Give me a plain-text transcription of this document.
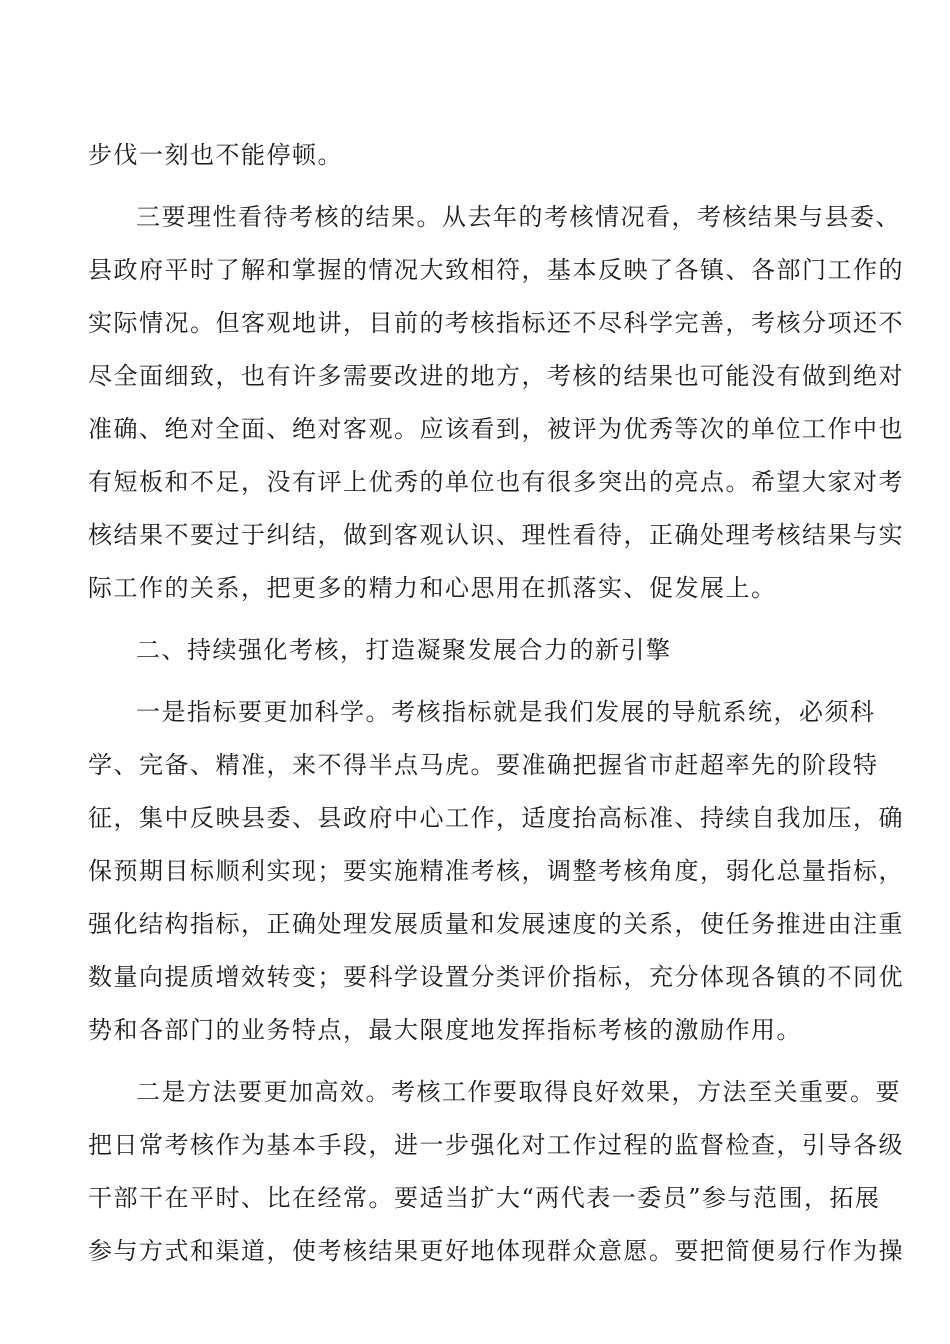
步伐一刻也不能停顿。
三要理性看待考核的结果。从去年的考核情况看，考核结果与县委、
县政府平时了解和掌握的情况大致相符，基本反映了各镇、各部门工作的
实际情况。但客观地讲，目前的考核指标还不尽科学完善，考核分项还不
尽全面细致，也有许多需要改进的地方，考核的结果也可能没有做到绝对
准确、绝对全面、绝对客观。应该看到，被评为优秀等次的单位工作中也
有短板和不足，没有评上优秀的单位也有很多突出的亮点。希望大家对考
核结果不要过于纠结，做到客观认识、理性看待，正确处理考核结果与实
际工作的关系，把更多的精力和心思用在抓落实、促发展上。
二、持续强化考核，打造凝聚发展合力的新引擎
一是指标要更加科学。考核指标就是我们发展的导航系统，必须科
学、完备、精准，来不得半点马虎。要准确把握省市赶超率先的阶段特
征，集中反映县委、县政府中心工作，适度抬高标准、持续自我加压，确
保预期目标顺利实现；要实施精准考核，调整考核角度，弱化总量指标，
强化结构指标，正确处理发展质量和发展速度的关系，使任务推进由注重
数量向提质增效转变；要科学设置分类评价指标，充分体现各镇的不同优
势和各部门的业务特点，最大限度地发挥指标考核的激励作用。
二是方法要更加高效。考核工作要取得良好效果，方法至关重要。要
把日常考核作为基本手段，进一步强化对工作过程的监督检查，引导各级
干部干在平时、比在经常。要适当扩大“两代表一委员”参与范围，拓展
参与方式和渠道，使考核结果更好地体现群众意愿。要把简便易行作为操
